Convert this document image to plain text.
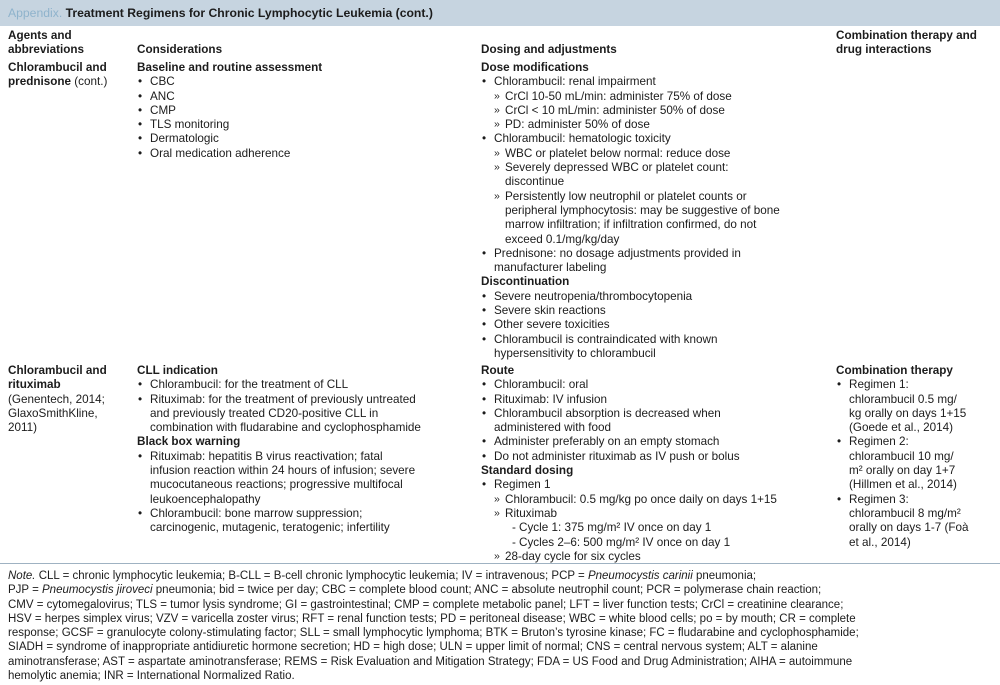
Appendix. Treatment Regimens for Chronic Lymphocytic Leukemia (cont.)
Agents and
abbreviations	Considerations	Dosing and adjustments
Combination therapy and
drug interactions
Chlorambucil and
prednisone (cont.)
Baseline and routine assessment
• CBC
• ANC
• CMP
• TLS monitoring
• Dermatologic
• Oral medication adherence
Dose modifications
• Chlorambucil: renal impairment
» CrCl 10-50 mL/min: administer 75% of dose
» CrCl < 10 mL/min: administer 50% of dose
» PD: administer 50% of dose
• Chlorambucil: hematologic toxicity
» WBC or platelet below normal: reduce dose
» Severely depressed WBC or platelet count:
discontinue
» Persistently low neutrophil or platelet counts or
peripheral lymphocytosis: may be suggestive of bone
marrow infiltration; if infiltration confirmed, do not
exceed 0.1/mg/kg/day
• Prednisone: no dosage adjustments provided in
manufacturer labeling
Discontinuation
• Severe neutropenia/thrombocytopenia
• Severe skin reactions
• Other severe toxicities
• Chlorambucil is contraindicated with known
hypersensitivity to chlorambucil
Chlorambucil and
rituximab
(Genentech, 2014;
GlaxoSmithKline,
2011)
CLL indication
• Chlorambucil: for the treatment of CLL
• Rituximab: for the treatment of previously untreated
and previously treated CD20-positive CLL in
combination with fludarabine and cyclophosphamide
Black box warning
• Rituximab: hepatitis B virus reactivation; fatal
infusion reaction within 24 hours of infusion; severe
mucocutaneous reactions; progressive multifocal
leukoencephalopathy
• Chlorambucil: bone marrow suppression;
carcinogenic, mutagenic, teratogenic; infertility
Route
• Chlorambucil: oral
• Rituximab: IV infusion
• Chlorambucil absorption is decreased when
administered with food
• Administer preferably on an empty stomach
• Do not administer rituximab as IV push or bolus
Standard dosing
• Regimen 1
» Chlorambucil: 0.5 mg/kg po once daily on days 1+15
» Rituximab
- Cycle 1: 375 mg/m² IV once on day 1
- Cycles 2–6: 500 mg/m² IV once on day 1
» 28-day cycle for six cycles
Combination therapy
• Regimen 1:
chlorambucil 0.5 mg/
kg orally on days 1+15
(Goede et al., 2014)
• Regimen 2:
chlorambucil 10 mg/
m² orally on day 1+7
(Hillmen et al., 2014)
• Regimen 3:
chlorambucil 8 mg/m²
orally on days 1-7 (Foà
et al., 2014)
Note. CLL = chronic lymphocytic leukemia; B-CLL = B-cell chronic lymphocytic leukemia; IV = intravenous; PCP = Pneumocystis carinii pneumonia;
PJP = Pneumocystis jiroveci pneumonia; bid = twice per day; CBC = complete blood count; ANC = absolute neutrophil count; PCR = polymerase chain reaction;
CMV = cytomegalovirus; TLS = tumor lysis syndrome; GI = gastrointestinal; CMP = complete metabolic panel; LFT = liver function tests; CrCl = creatinine clearance;
HSV = herpes simplex virus; VZV = varicella zoster virus; RFT = renal function tests; PD = peritoneal disease; WBC = white blood cells; po = by mouth; CR = complete
response; GCSF = granulocyte colony-stimulating factor; SLL = small lymphocytic lymphoma; BTK = Bruton’s tyrosine kinase; FC = fludarabine and cyclophosphamide;
SIADH = syndrome of inappropriate antidiuretic hormone secretion; HD = high dose; ULN = upper limit of normal; CNS = central nervous system; ALT = alanine
aminotransferase; AST = aspartate aminotransferase; REMS = Risk Evaluation and Mitigation Strategy; FDA = US Food and Drug Administration; AIHA = autoimmune
hemolytic anemia; INR = International Normalized Ratio.
